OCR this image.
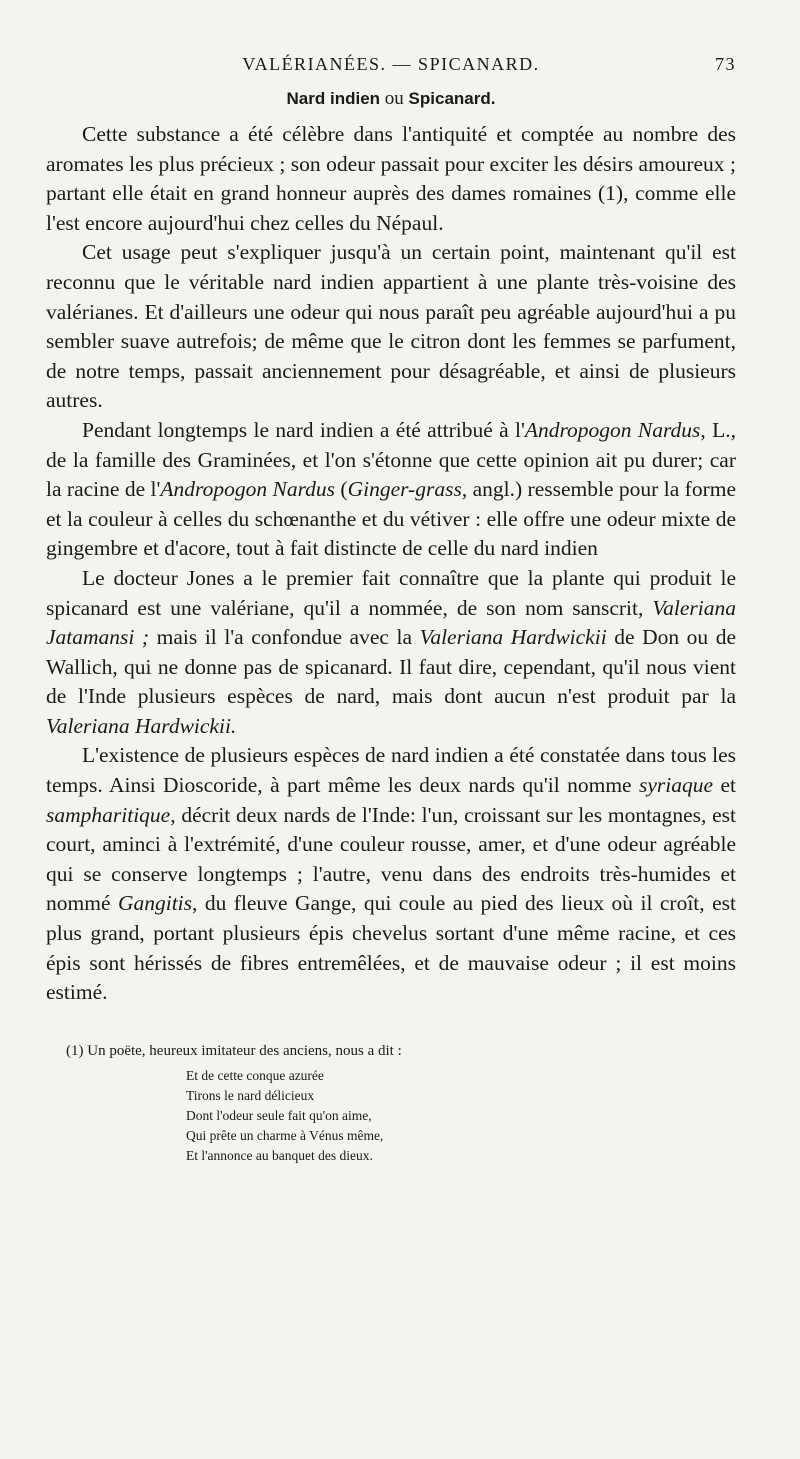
VALÉRIANÉES. — SPICANARD.	73
Nard indien ou Spicanard.

Cette substance a été célèbre dans l'antiquité et comptée au nombre des aromates les plus précieux ; son odeur passait pour exciter les désirs amoureux ; partant elle était en grand honneur auprès des dames romaines (1), comme elle l'est encore aujourd'hui chez celles du Népaul.

Cet usage peut s'expliquer jusqu'à un certain point, maintenant qu'il est reconnu que le véritable nard indien appartient à une plante très-voisine des valérianes. Et d'ailleurs une odeur qui nous paraît peu agréable aujourd'hui a pu sembler suave autrefois; de même que le citron dont les femmes se parfument, de notre temps, passait anciennement pour désagréable, et ainsi de plusieurs autres.

Pendant longtemps le nard indien a été attribué à l'Andropogon Nardus, L., de la famille des Graminées, et l'on s'étonne que cette opinion ait pu durer; car la racine de l'Andropogon Nardus (Ginger-grass, angl.) ressemble pour la forme et la couleur à celles du schœnanthe et du vétiver : elle offre une odeur mixte de gingembre et d'acore, tout à fait distincte de celle du nard indien

Le docteur Jones a le premier fait connaître que la plante qui produit le spicanard est une valériane, qu'il a nommée, de son nom sanscrit, Valeriana Jatamansi ; mais il l'a confondue avec la Valeriana Hardwickii de Don ou de Wallich, qui ne donne pas de spicanard. Il faut dire, cependant, qu'il nous vient de l'Inde plusieurs espèces de nard, mais dont aucun n'est produit par la Valeriana Hardwickii.

L'existence de plusieurs espèces de nard indien a été constatée dans tous les temps. Ainsi Dioscoride, à part même les deux nards qu'il nomme syriaque et sampharitique, décrit deux nards de l'Inde: l'un, croissant sur les montagnes, est court, aminci à l'extrémité, d'une couleur rousse, amer, et d'une odeur agréable qui se conserve longtemps ; l'autre, venu dans des endroits très-humides et nommé Gangitis, du fleuve Gange, qui coule au pied des lieux où il croît, est plus grand, portant plusieurs épis chevelus sortant d'une même racine, et ces épis sont hérissés de fibres entremêlées, et de mauvaise odeur ; il est moins estimé.

(1) Un poëte, heureux imitateur des anciens, nous a dit :
Et de cette conque azurée
Tirons le nard délicieux
Dont l'odeur seule fait qu'on aime,
Qui prête un charme à Vénus même,
Et l'annonce au banquet des dieux.
